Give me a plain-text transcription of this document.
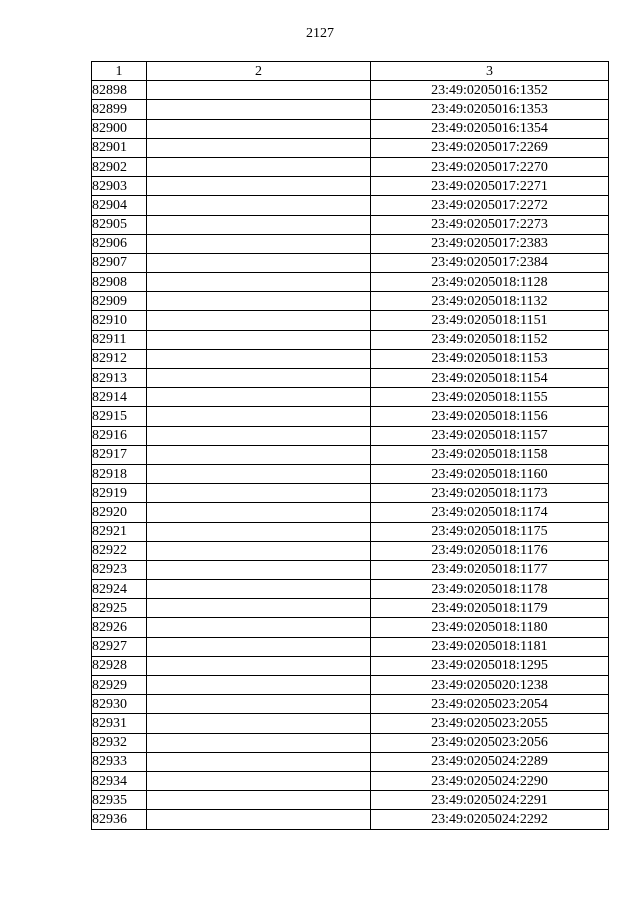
2127
1	2	3
82898		23:49:0205016:1352
82899		23:49:0205016:1353
82900		23:49:0205016:1354
82901		23:49:0205017:2269
82902		23:49:0205017:2270
82903		23:49:0205017:2271
82904		23:49:0205017:2272
82905		23:49:0205017:2273
82906		23:49:0205017:2383
82907		23:49:0205017:2384
82908		23:49:0205018:1128
82909		23:49:0205018:1132
82910		23:49:0205018:1151
82911		23:49:0205018:1152
82912		23:49:0205018:1153
82913		23:49:0205018:1154
82914		23:49:0205018:1155
82915		23:49:0205018:1156
82916		23:49:0205018:1157
82917		23:49:0205018:1158
82918		23:49:0205018:1160
82919		23:49:0205018:1173
82920		23:49:0205018:1174
82921		23:49:0205018:1175
82922		23:49:0205018:1176
82923		23:49:0205018:1177
82924		23:49:0205018:1178
82925		23:49:0205018:1179
82926		23:49:0205018:1180
82927		23:49:0205018:1181
82928		23:49:0205018:1295
82929		23:49:0205020:1238
82930		23:49:0205023:2054
82931		23:49:0205023:2055
82932		23:49:0205023:2056
82933		23:49:0205024:2289
82934		23:49:0205024:2290
82935		23:49:0205024:2291
82936		23:49:0205024:2292
